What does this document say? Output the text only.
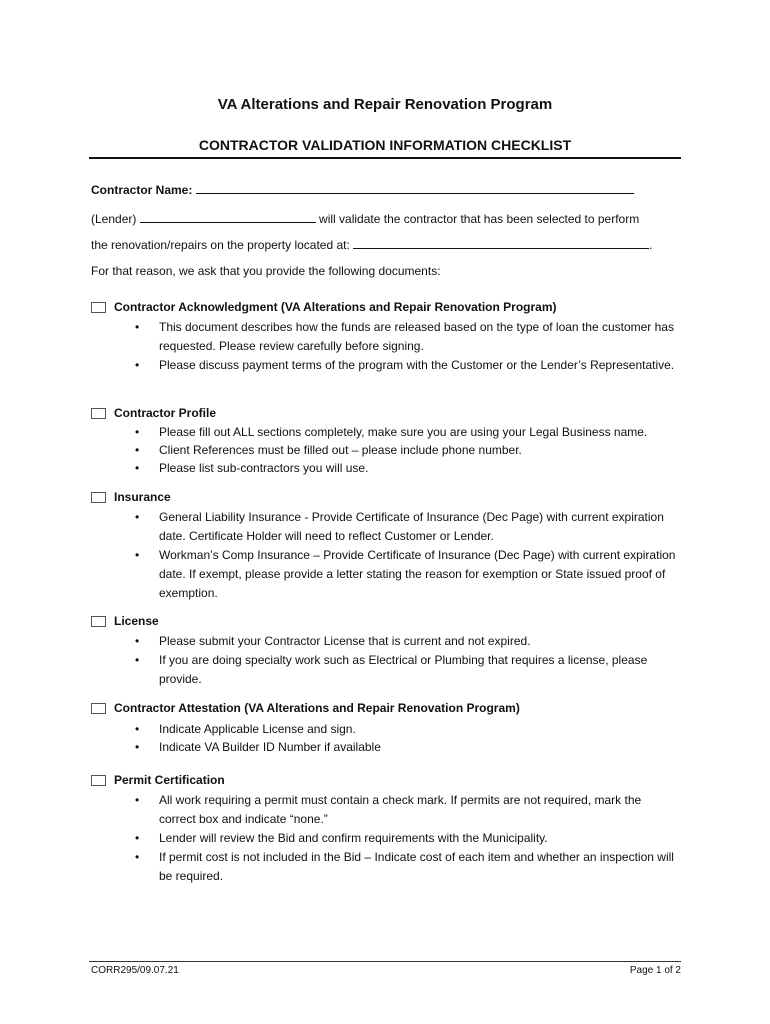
VA Alterations and Repair Renovation Program
CONTRACTOR VALIDATION INFORMATION CHECKLIST
Contractor Name:
(Lender)	will validate the contractor that has been selected to perform
the renovation/repairs on the property located at:	.
For that reason, we ask that you provide the following documents:
Contractor Acknowledgment (VA Alterations and Repair Renovation Program)
• This document describes how the funds are released based on the type of loan the customer has requested. Please review carefully before signing.
• Please discuss payment terms of the program with the Customer or the Lender’s Representative.
Contractor Profile
• Please fill out ALL sections completely, make sure you are using your Legal Business name.
• Client References must be filled out – please include phone number.
• Please list sub-contractors you will use.
Insurance
• General Liability Insurance - Provide Certificate of Insurance (Dec Page) with current expiration date. Certificate Holder will need to reflect Customer or Lender.
• Workman’s Comp Insurance – Provide Certificate of Insurance (Dec Page) with current expiration date. If exempt, please provide a letter stating the reason for exemption or State issued proof of exemption.
License
• Please submit your Contractor License that is current and not expired.
• If you are doing specialty work such as Electrical or Plumbing that requires a license, please provide.
Contractor Attestation (VA Alterations and Repair Renovation Program)
• Indicate Applicable License and sign.
• Indicate VA Builder ID Number if available
Permit Certification
• All work requiring a permit must contain a check mark. If permits are not required, mark the correct box and indicate “none.”
• Lender will review the Bid and confirm requirements with the Municipality.
• If permit cost is not included in the Bid – Indicate cost of each item and whether an inspection will be required.
CORR295/09.07.21	Page 1 of 2
